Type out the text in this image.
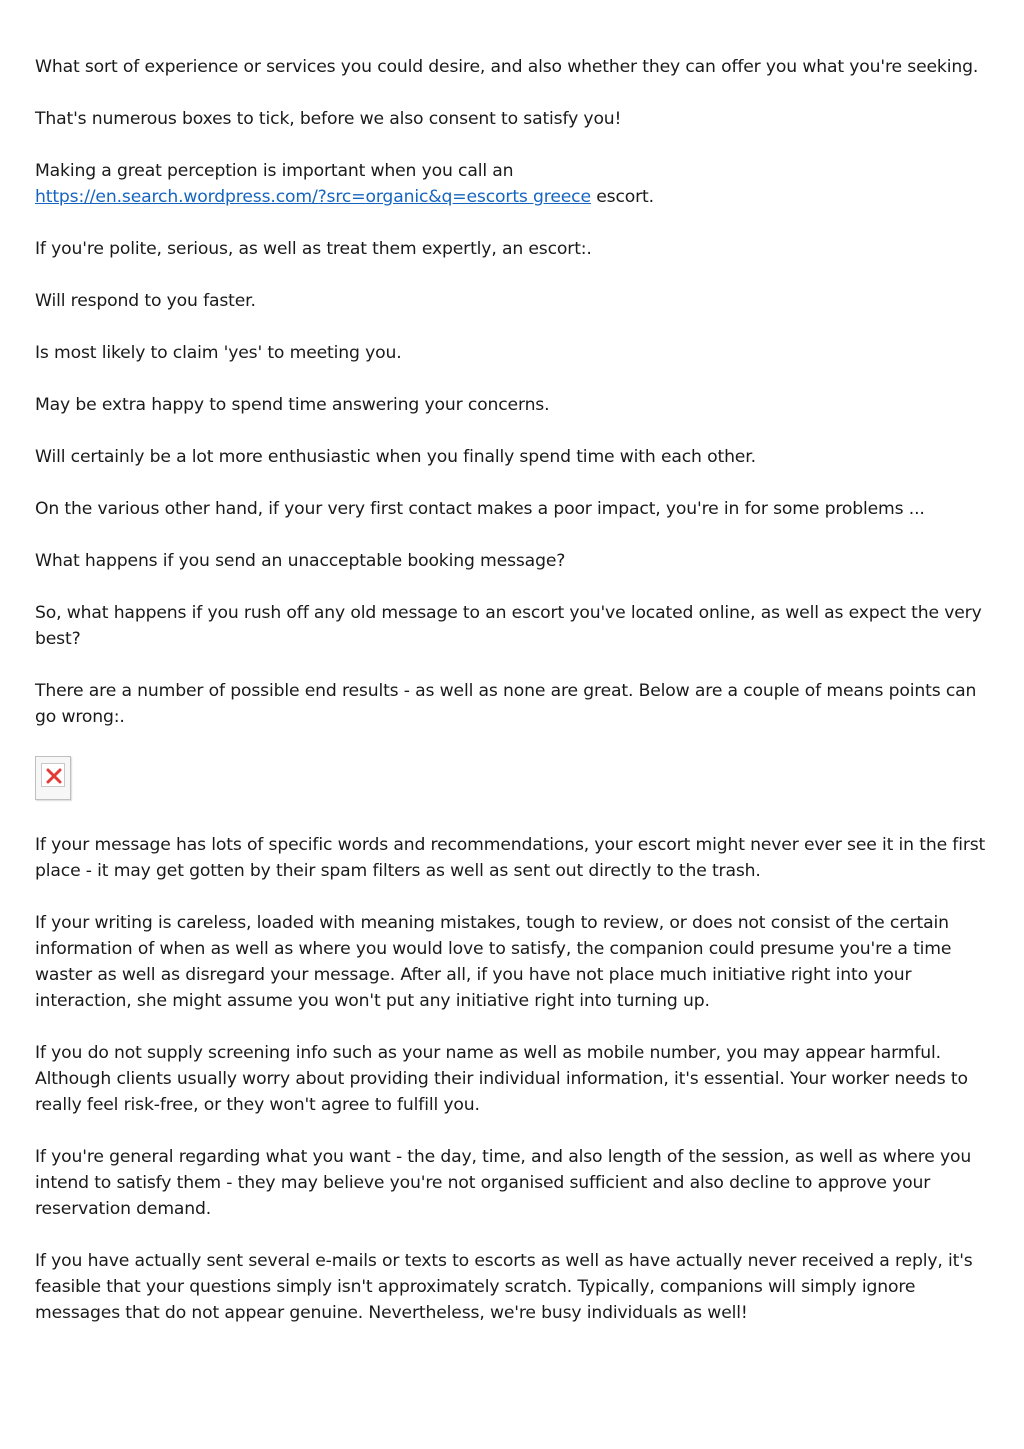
What sort of experience or services you could desire, and also whether they can offer you what you're seeking.

That's numerous boxes to tick, before we also consent to satisfy you!

Making a great perception is important when you call an
https://en.search.wordpress.com/?src=organic&q=escorts greece escort.

If you're polite, serious, as well as treat them expertly, an escort:.

Will respond to you faster.

Is most likely to claim 'yes' to meeting you.

May be extra happy to spend time answering your concerns.

Will certainly be a lot more enthusiastic when you finally spend time with each other.

On the various other hand, if your very first contact makes a poor impact, you're in for some problems ...

What happens if you send an unacceptable booking message?

So, what happens if you rush off any old message to an escort you've located online, as well as expect the very best?

There are a number of possible end results - as well as none are great. Below are a couple of means points can go wrong:.

If your message has lots of specific words and recommendations, your escort might never ever see it in the first place - it may get gotten by their spam filters as well as sent out directly to the trash.

If your writing is careless, loaded with meaning mistakes, tough to review, or does not consist of the certain information of when as well as where you would love to satisfy, the companion could presume you're a time waster as well as disregard your message. After all, if you have not place much initiative right into your interaction, she might assume you won't put any initiative right into turning up.

If you do not supply screening info such as your name as well as mobile number, you may appear harmful. Although clients usually worry about providing their individual information, it's essential. Your worker needs to really feel risk-free, or they won't agree to fulfill you.

If you're general regarding what you want - the day, time, and also length of the session, as well as where you intend to satisfy them - they may believe you're not organised sufficient and also decline to approve your reservation demand.

If you have actually sent several e-mails or texts to escorts as well as have actually never received a reply, it's feasible that your questions simply isn't approximately scratch. Typically, companions will simply ignore messages that do not appear genuine. Nevertheless, we're busy individuals as well!
